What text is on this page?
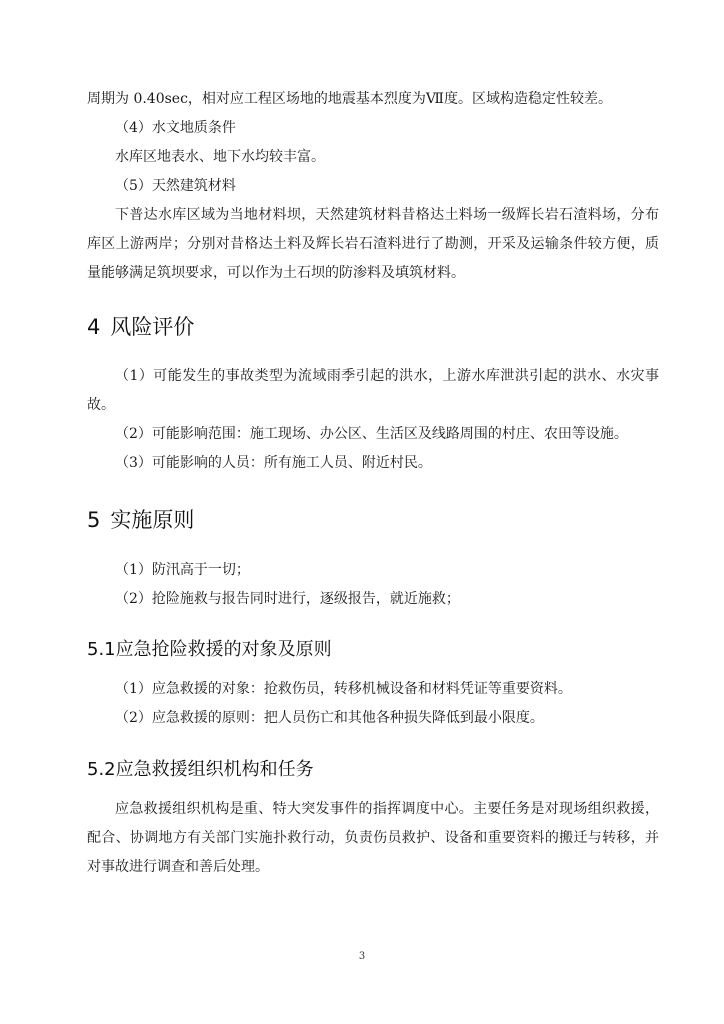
周期为 0.40sec，相对应工程区场地的地震基本烈度为Ⅶ度。区域构造稳定性较差。

（4）水文地质条件

水库区地表水、地下水均较丰富。

（5）天然建筑材料

下普达水库区域为当地材料坝，天然建筑材料昔格达土料场一级辉长岩石渣料场，分布库区上游两岸；分别对昔格达土料及辉长岩石渣料进行了勘测，开采及运输条件较方便，质量能够满足筑坝要求，可以作为土石坝的防渗料及填筑材料。

4 风险评价

（1）可能发生的事故类型为流域雨季引起的洪水，上游水库泄洪引起的洪水、水灾事故。

（2）可能影响范围：施工现场、办公区、生活区及线路周围的村庄、农田等设施。

（3）可能影响的人员：所有施工人员、附近村民。

5 实施原则

（1）防汛高于一切；

（2）抢险施救与报告同时进行，逐级报告，就近施救；

5.1应急抢险救援的对象及原则

（1）应急救援的对象：抢救伤员，转移机械设备和材料凭证等重要资料。

（2）应急救援的原则：把人员伤亡和其他各种损失降低到最小限度。

5.2应急救援组织机构和任务

应急救援组织机构是重、特大突发事件的指挥调度中心。主要任务是对现场组织救援，配合、协调地方有关部门实施扑救行动，负责伤员救护、设备和重要资料的搬迁与转移，并对事故进行调查和善后处理。

3
